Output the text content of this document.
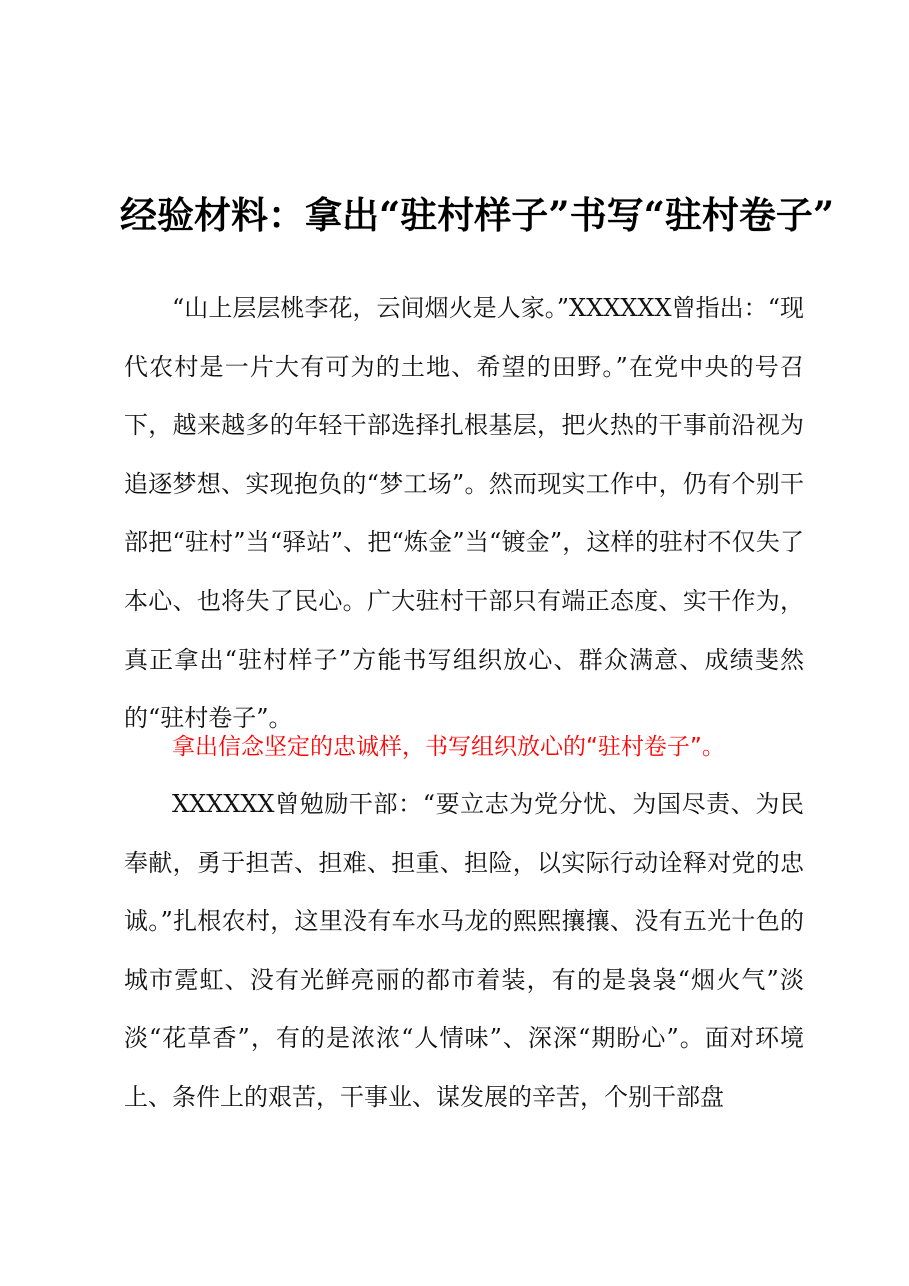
经验材料：拿出“驻村样子”书写“驻村卷子”

“山上层层桃李花，云间烟火是人家。”XXXXXX曾指出：“现代农村是一片大有可为的土地、希望的田野。”在党中央的号召下，越来越多的年轻干部选择扎根基层，把火热的干事前沿视为追逐梦想、实现抱负的“梦工场”。然而现实工作中，仍有个别干部把“驻村”当“驿站”、把“炼金”当“镀金”，这样的驻村不仅失了本心、也将失了民心。广大驻村干部只有端正态度、实干作为，真正拿出“驻村样子”方能书写组织放心、群众满意、成绩斐然的“驻村卷子”。

拿出信念坚定的忠诚样，书写组织放心的“驻村卷子”。

XXXXXX曾勉励干部：“要立志为党分忧、为国尽责、为民奉献，勇于担苦、担难、担重、担险，以实际行动诠释对党的忠诚。”扎根农村，这里没有车水马龙的熙熙攘攘、没有五光十色的城市霓虹、没有光鲜亮丽的都市着装，有的是袅袅“烟火气”淡淡“花草香”，有的是浓浓“人情味”、深深“期盼心”。面对环境上、条件上的艰苦，干事业、谋发展的辛苦，个别干部盘
